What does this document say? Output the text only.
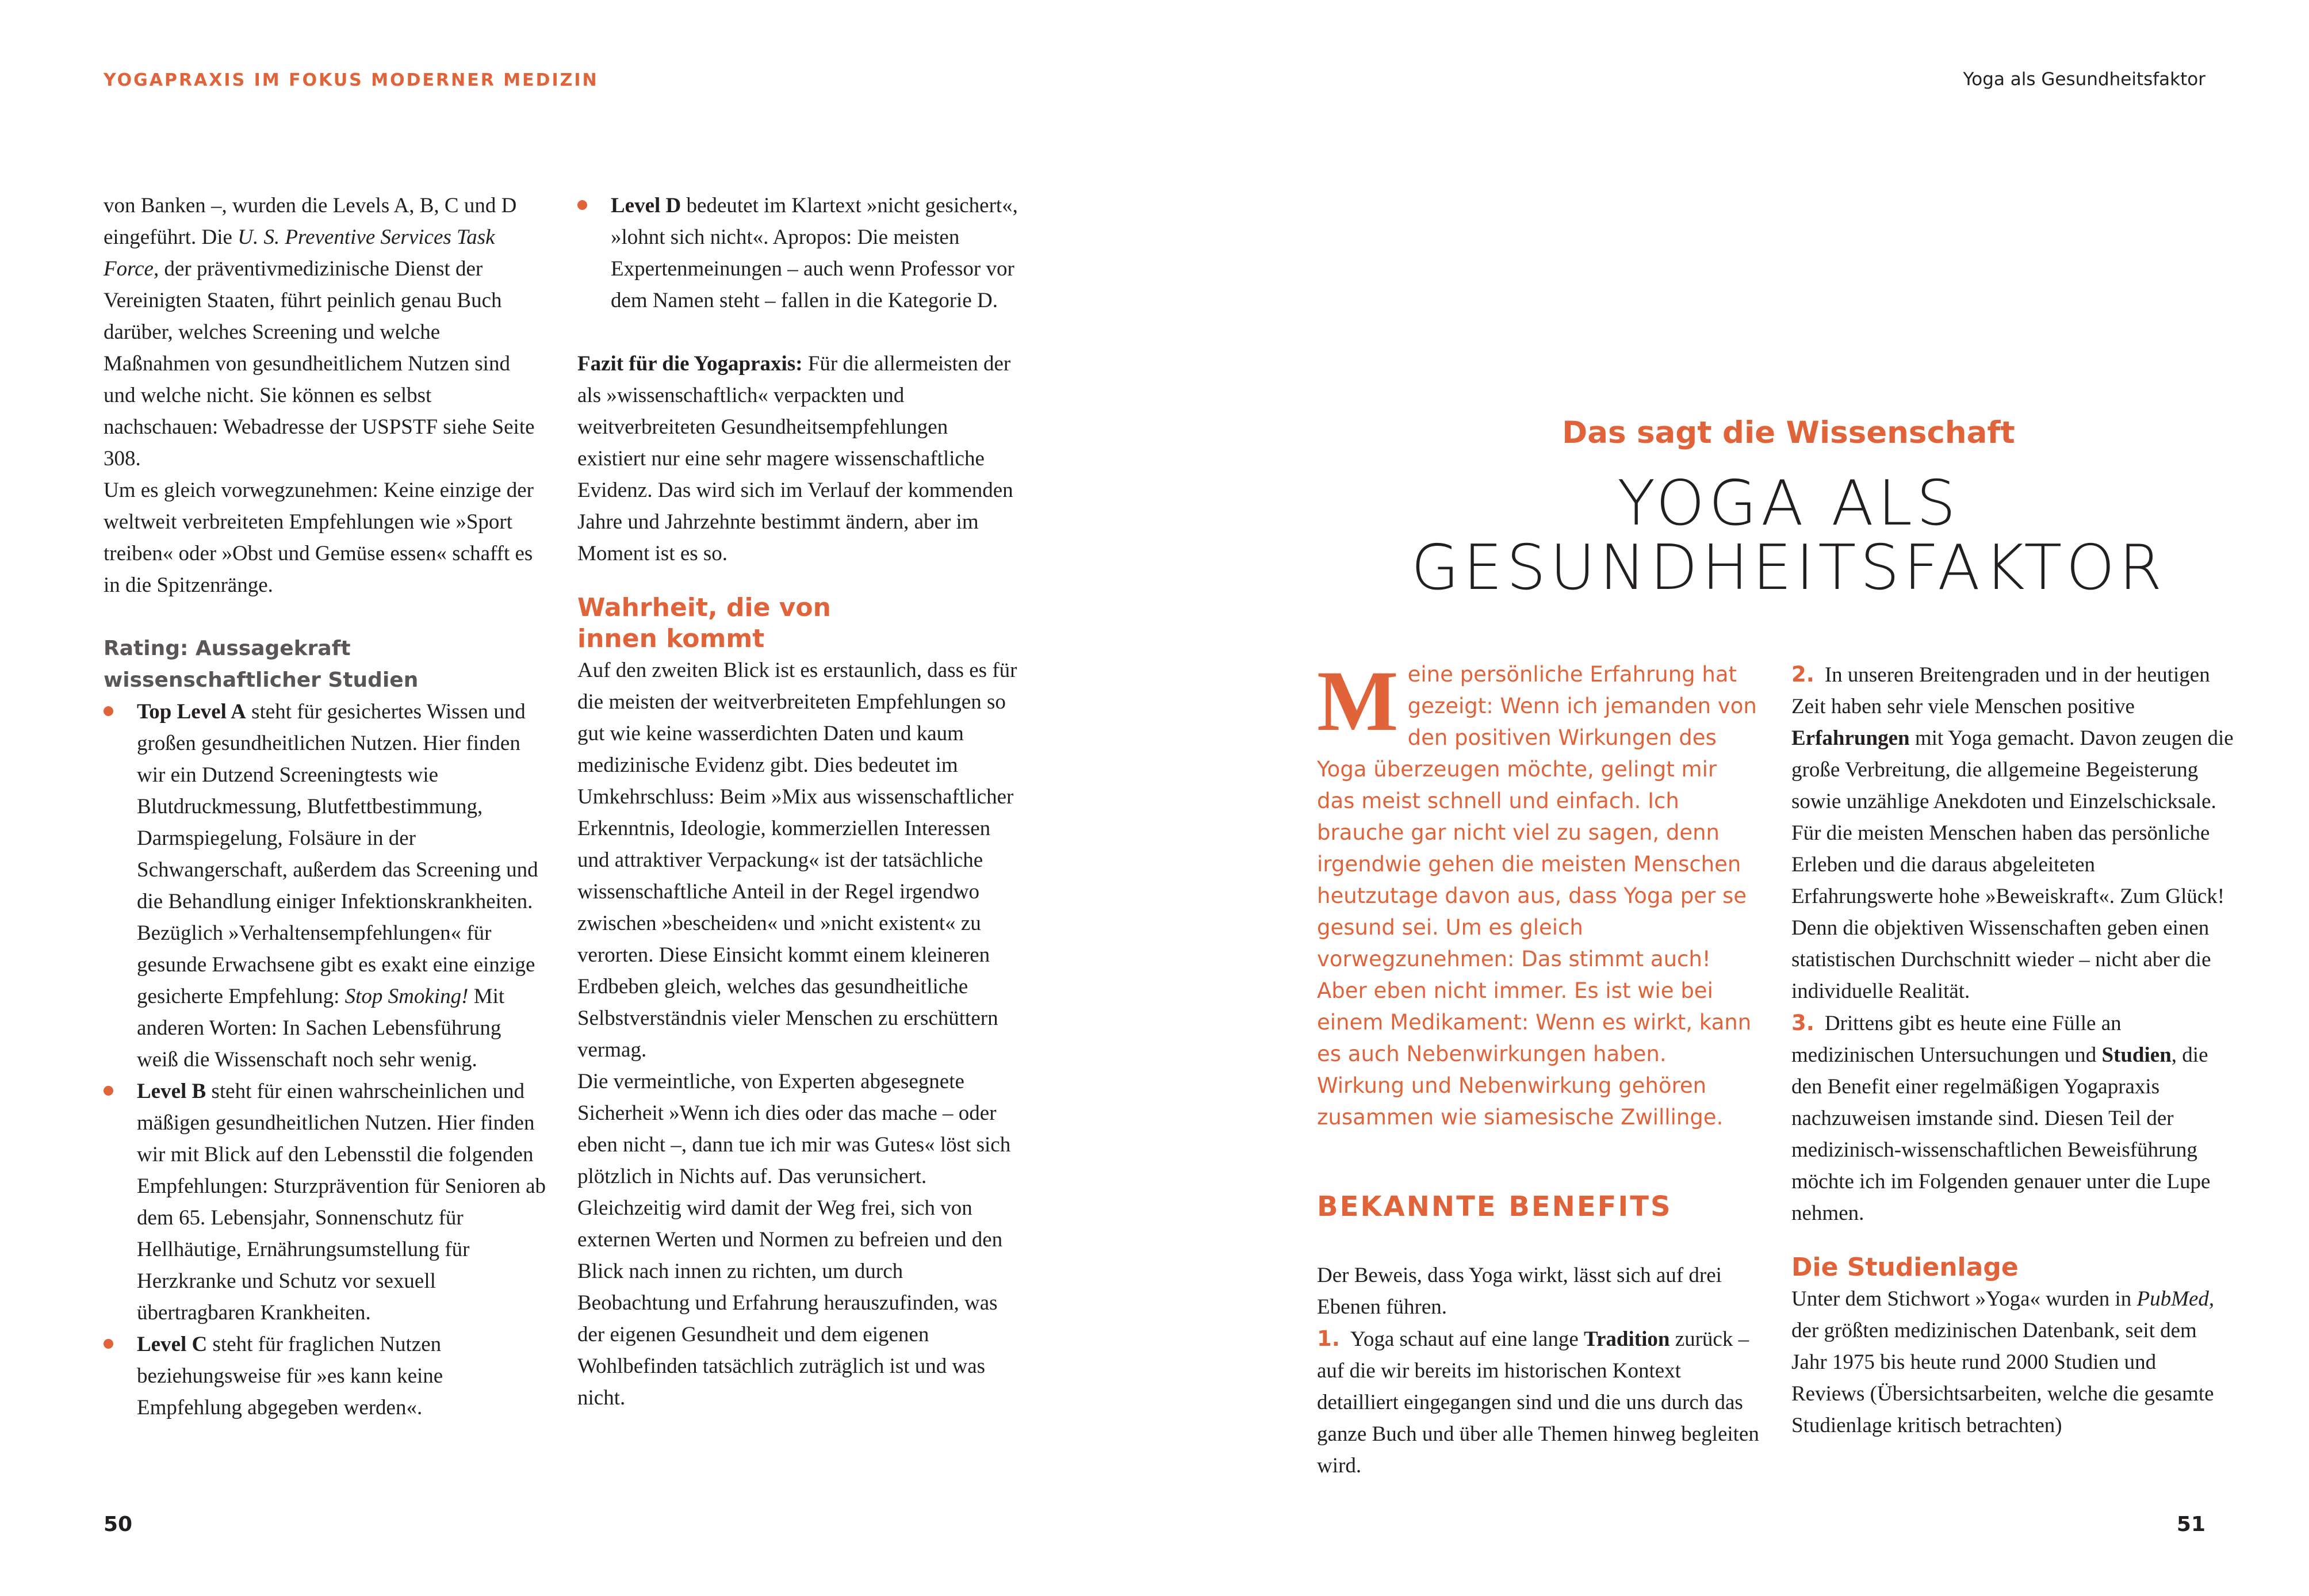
YOGAPRAXIS IM FOKUS MODERNER MEDIZIN	Yoga als Gesundheitsfaktor

von Banken –, wurden die Levels A, B, C und D eingeführt. Die U. S. Preventive Services Task Force, der präventivmedizinische Dienst der Vereinigten Staaten, führt peinlich genau Buch darüber, welches Screening und welche Maßnahmen von gesundheitlichem Nutzen sind und welche nicht. Sie können es selbst nachschauen: Webadresse der USPSTF siehe Seite 308.

Um es gleich vorwegzunehmen: Keine einzige der weltweit verbreiteten Empfehlungen wie »Sport treiben« oder »Obst und Gemüse essen« schafft es in die Spitzenränge.

Rating: Aussagekraft wissenschaftlicher Studien

Top Level A steht für gesichertes Wissen und großen gesundheitlichen Nutzen. Hier finden wir ein Dutzend Screeningtests wie Blutdruckmessung, Blutfettbestimmung, Darmspiegelung, Folsäure in der Schwangerschaft, außerdem das Screening und die Behandlung einiger Infektionskrankheiten. Bezüglich »Verhaltensempfehlungen« für gesunde Erwachsene gibt es exakt eine einzige gesicherte Empfehlung: Stop Smoking! Mit anderen Worten: In Sachen Lebensführung weiß die Wissenschaft noch sehr wenig.
Level B steht für einen wahrscheinlichen und mäßigen gesundheitlichen Nutzen. Hier finden wir mit Blick auf den Lebensstil die folgenden Empfehlungen: Sturzprävention für Senioren ab dem 65. Lebensjahr, Sonnenschutz für Hellhäutige, Ernährungsumstellung für Herzkranke und Schutz vor sexuell übertragbaren Krankheiten.
Level C steht für fraglichen Nutzen beziehungsweise für »es kann keine Empfehlung abgegeben werden«.
Level D bedeutet im Klartext »nicht gesichert«, »lohnt sich nicht«. Apropos: Die meisten Expertenmeinungen – auch wenn Professor vor dem Namen steht – fallen in die Kategorie D.

Fazit für die Yogapraxis: Für die allermeisten der als »wissenschaftlich« verpackten und weitverbreiteten Gesundheitsempfehlungen existiert nur eine sehr magere wissenschaftliche Evidenz. Das wird sich im Verlauf der kommenden Jahre und Jahrzehnte bestimmt ändern, aber im Moment ist es so.

Wahrheit, die von innen kommt

Auf den zweiten Blick ist es erstaunlich, dass es für die meisten der weitverbreiteten Empfehlungen so gut wie keine wasserdichten Daten und kaum medizinische Evidenz gibt. Dies bedeutet im Umkehrschluss: Beim »Mix aus wissenschaftlicher Erkenntnis, Ideologie, kommerziellen Interessen und attraktiver Verpackung« ist der tatsächliche wissenschaftliche Anteil in der Regel irgendwo zwischen »bescheiden« und »nicht existent« zu verorten. Diese Einsicht kommt einem kleineren Erdbeben gleich, welches das gesundheitliche Selbstverständnis vieler Menschen zu erschüttern vermag.

Die vermeintliche, von Experten abgesegnete Sicherheit »Wenn ich dies oder das mache – oder eben nicht –, dann tue ich mir was Gutes« löst sich plötzlich in Nichts auf. Das verunsichert. Gleichzeitig wird damit der Weg frei, sich von externen Werten und Normen zu befreien und den Blick nach innen zu richten, um durch Beobachtung und Erfahrung herauszufinden, was der eigenen Gesundheit und dem eigenen Wohlbefinden tatsächlich zuträglich ist und was nicht.

Das sagt die Wissenschaft
YOGA ALS
GESUNDHEITSFAKTOR
M eine persönliche Erfahrung hat gezeigt: Wenn ich jemanden von den positiven Wirkungen des Yoga überzeugen möchte, gelingt mir das meist schnell und einfach. Ich brauche gar nicht viel zu sagen, denn irgendwie gehen die meisten Menschen heutzutage davon aus, dass Yoga per se gesund sei. Um es gleich vorwegzunehmen: Das stimmt auch! Aber eben nicht immer. Es ist wie bei einem Medikament: Wenn es wirkt, kann es auch Nebenwirkungen haben. Wirkung und Nebenwirkung gehören zusammen wie siamesische Zwillinge.
BEKANNTE BENEFITS

Der Beweis, dass Yoga wirkt, lässt sich auf drei Ebenen führen.

1. Yoga schaut auf eine lange Tradition zurück – auf die wir bereits im historischen Kontext detailliert eingegangen sind und die uns durch das ganze Buch und über alle Themen hinweg begleiten wird.

2. In unseren Breitengraden und in der heutigen Zeit haben sehr viele Menschen positive Erfahrungen mit Yoga gemacht. Davon zeugen die große Verbreitung, die allgemeine Begeisterung sowie unzählige Anekdoten und Einzelschicksale. Für die meisten Menschen haben das persönliche Erleben und die daraus abgeleiteten Erfahrungswerte hohe »Beweiskraft«. Zum Glück! Denn die objektiven Wissenschaften geben einen statistischen Durchschnitt wieder – nicht aber die individuelle Realität.

3. Drittens gibt es heute eine Fülle an medizinischen Untersuchungen und Studien, die den Benefit einer regelmäßigen Yogapraxis nachzuweisen imstande sind. Diesen Teil der medizinisch-wissenschaftlichen Beweisführung möchte ich im Folgenden genauer unter die Lupe nehmen.

Die Studienlage

Unter dem Stichwort »Yoga« wurden in PubMed, der größten medizinischen Datenbank, seit dem Jahr 1975 bis heute rund 2000 Studien und Reviews (Übersichtsarbeiten, welche die gesamte Studienlage kritisch betrachten)

50	51
